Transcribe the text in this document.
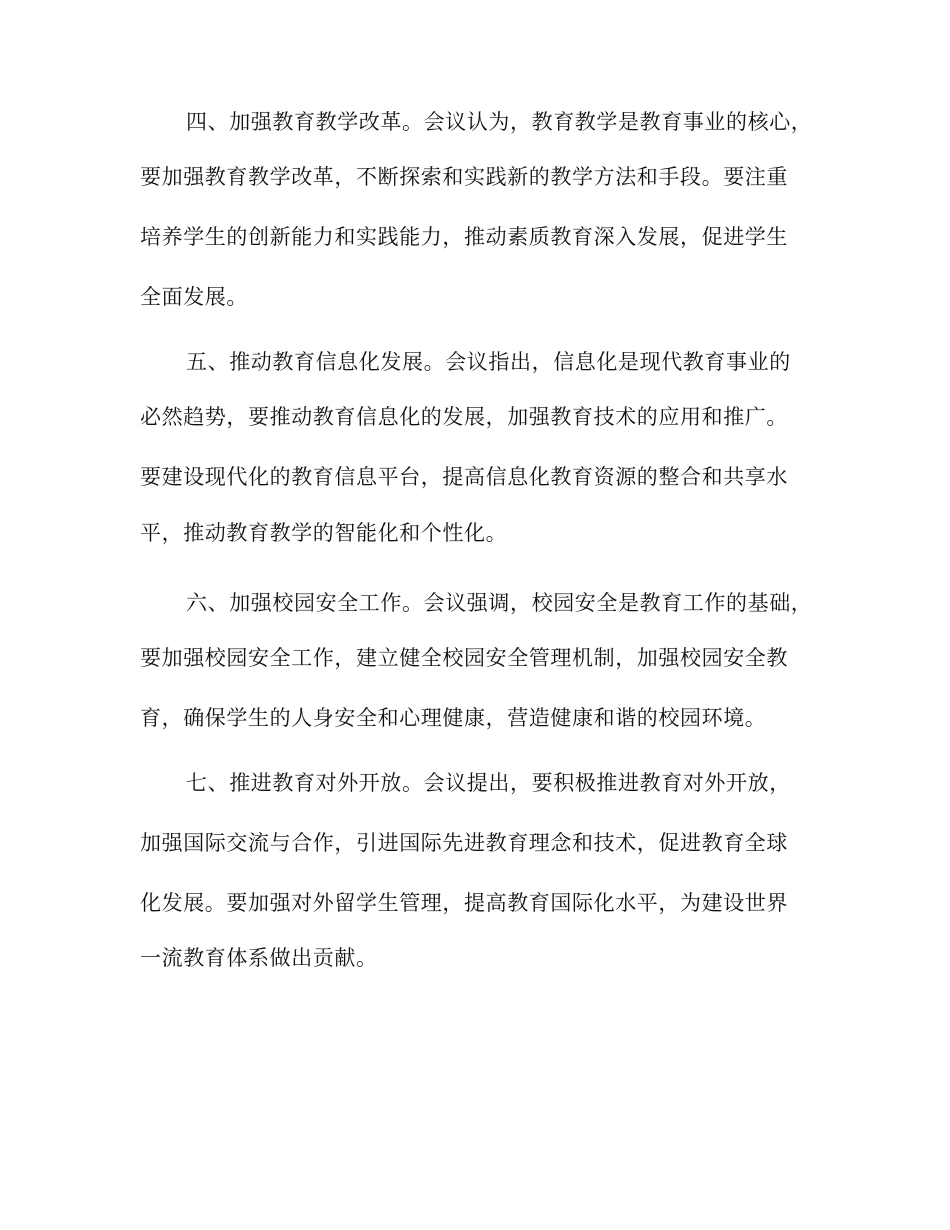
四、加强教育教学改革。会议认为，教育教学是教育事业的核心，
要加强教育教学改革，不断探索和实践新的教学方法和手段。要注重
培养学生的创新能力和实践能力，推动素质教育深入发展，促进学生
全面发展。
五、推动教育信息化发展。会议指出，信息化是现代教育事业的
必然趋势，要推动教育信息化的发展，加强教育技术的应用和推广。
要建设现代化的教育信息平台，提高信息化教育资源的整合和共享水
平，推动教育教学的智能化和个性化。
六、加强校园安全工作。会议强调，校园安全是教育工作的基础，
要加强校园安全工作，建立健全校园安全管理机制，加强校园安全教
育，确保学生的人身安全和心理健康，营造健康和谐的校园环境。
七、推进教育对外开放。会议提出，要积极推进教育对外开放，
加强国际交流与合作，引进国际先进教育理念和技术，促进教育全球
化发展。要加强对外留学生管理，提高教育国际化水平，为建设世界
一流教育体系做出贡献。
